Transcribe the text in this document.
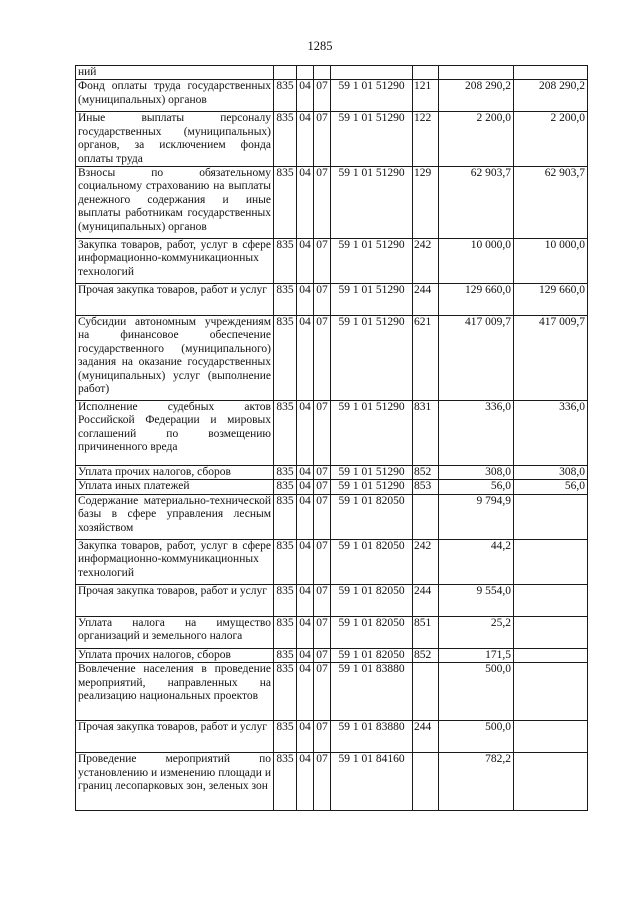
1285
ний							
Фонд оплаты труда государственных (муниципальных) органов	835	04	07	59 1 01 51290	121	208 290,2	208 290,2
Иные выплаты персоналу государственных (муниципальных) органов, за исключением фонда оплаты труда	835	04	07	59 1 01 51290	122	2 200,0	2 200,0
Взносы по обязательному социальному страхованию на выплаты денежного содержания и иные выплаты работникам государственных (муниципальных) органов	835	04	07	59 1 01 51290	129	62 903,7	62 903,7
Закупка товаров, работ, услуг в сфере информационно-коммуникационных технологий	835	04	07	59 1 01 51290	242	10 000,0	10 000,0
Прочая закупка товаров, работ и услуг	835	04	07	59 1 01 51290	244	129 660,0	129 660,0
Субсидии автономным учреждениям на финансовое обеспечение государственного (муниципального) задания на оказание государственных (муниципальных) услуг (выполнение работ)	835	04	07	59 1 01 51290	621	417 009,7	417 009,7
Исполнение судебных актов Российской Федерации и мировых соглашений по возмещению причиненного вреда	835	04	07	59 1 01 51290	831	336,0	336,0
Уплата прочих налогов, сборов	835	04	07	59 1 01 51290	852	308,0	308,0
Уплата иных платежей	835	04	07	59 1 01 51290	853	56,0	56,0
Содержание материально-технической базы в сфере управления лесным хозяйством	835	04	07	59 1 01 82050		9 794,9	
Закупка товаров, работ, услуг в сфере информационно-коммуникационных технологий	835	04	07	59 1 01 82050	242	44,2	
Прочая закупка товаров, работ и услуг	835	04	07	59 1 01 82050	244	9 554,0	
Уплата налога на имущество организаций и земельного налога	835	04	07	59 1 01 82050	851	25,2	
Уплата прочих налогов, сборов	835	04	07	59 1 01 82050	852	171,5	
Вовлечение населения в проведение мероприятий, направленных на реализацию национальных проектов	835	04	07	59 1 01 83880		500,0	
Прочая закупка товаров, работ и услуг	835	04	07	59 1 01 83880	244	500,0	
Проведение мероприятий по установлению и изменению площади и границ лесопарковых зон, зеленых зон	835	04	07	59 1 01 84160		782,2	
